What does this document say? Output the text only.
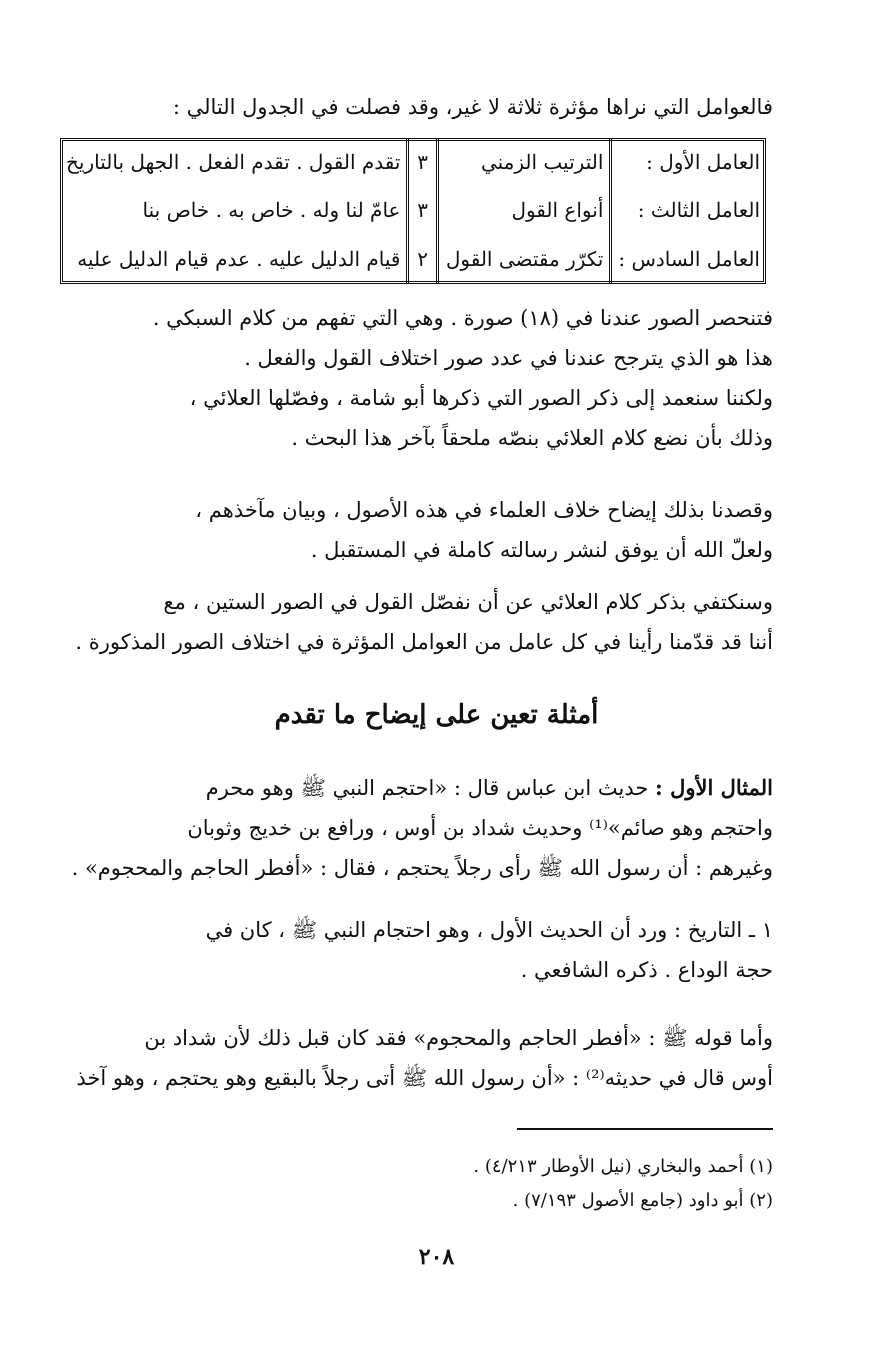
فالعوامل التي نراها مؤثرة ثلاثة لا غير، وقد فصلت في الجدول التالي :
العامل الأول :	الترتيب الزمني	٣	تقدم القول . تقدم الفعل . الجهل بالتاريخ
العامل الثالث :	أنواع القول	٣	عامّ لنا وله . خاص به . خاص بنا
العامل السادس :	تكرّر مقتضى القول	٢	قيام الدليل عليه . عدم قيام الدليل عليه
فتنحصر الصور عندنا في (١٨) صورة . وهي التي تفهم من كلام السبكي .
هذا هو الذي يترجح عندنا في عدد صور اختلاف القول والفعل .
ولكننا سنعمد إلى ذكر الصور التي ذكرها أبو شامة ، وفصّلها العلائي ،
وذلك بأن نضع كلام العلائي بنصّه ملحقاً بآخر هذا البحث .
وقصدنا بذلك إيضاح خلاف العلماء في هذه الأصول ، وبيان مآخذهم ،
ولعلّ الله أن يوفق لنشر رسالته كاملة في المستقبل .
وسنكتفي بذكر كلام العلائي عن أن نفصّل القول في الصور الستين ، مع
أننا قد قدّمنا رأينا في كل عامل من العوامل المؤثرة في اختلاف الصور المذكورة .
أمثلة تعين على إيضاح ما تقدم
المثال الأول : حديث ابن عباس قال : «احتجم النبي ﷺ وهو محرم
واحتجم وهو صائم»⁽¹⁾ وحديث شداد بن أوس ، ورافع بن خديج وثوبان
وغيرهم : أن رسول الله ﷺ رأى رجلاً يحتجم ، فقال : «أفطر الحاجم والمحجوم» .
١ ـ التاريخ : ورد أن الحديث الأول ، وهو احتجام النبي ﷺ ، كان في
حجة الوداع . ذكره الشافعي .
وأما قوله ﷺ : «أفطر الحاجم والمحجوم» فقد كان قبل ذلك لأن شداد بن
أوس قال في حديثه⁽²⁾ : «أن رسول الله ﷺ أتى رجلاً بالبقيع وهو يحتجم ، وهو آخذ
(١) أحمد والبخاري (نيل الأوطار ٤/٢١٣) .
(٢) أبو داود (جامع الأصول ٧/١٩٣) .
٢٠٨
